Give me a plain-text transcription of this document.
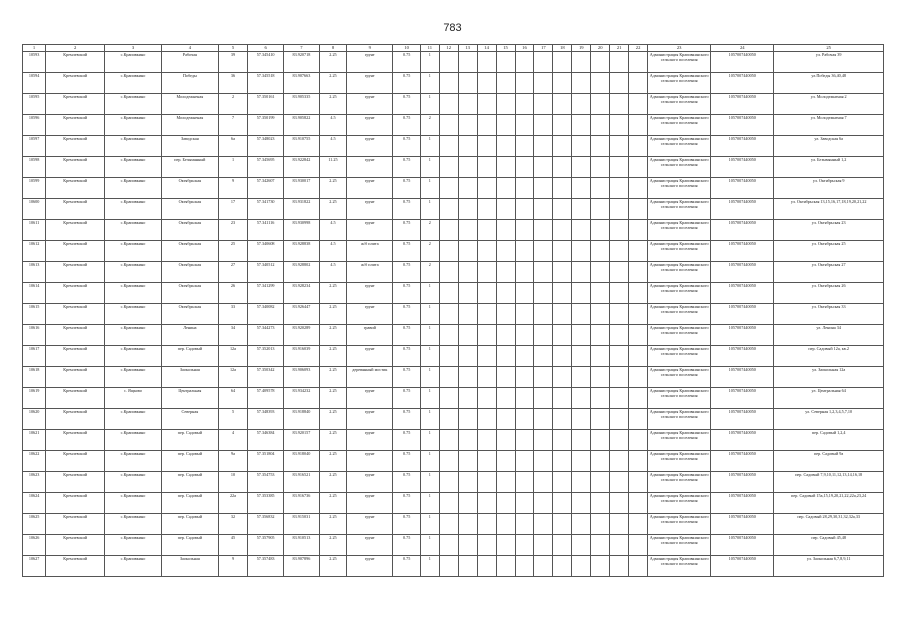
783
1	2	3	4	5	6	7	8	9	10	11	12	13	14	15	16	17	18	19	20	21	22	23	24	25
10593	Кремлевский	с.Крапивкино	Рабочая	39	57.345410	83.920718	2.25	грунт	0.75	1												Администрация Крапивкинского сельского поселения	1057007440050	ул. Рабочая 39
10594	Кремлевский	с.Крапивкино	Победы	36	57.345518	83.907663	2.25	грунт	0.75	1												Администрация Крапивкинского сельского поселения	1057007440050	ул.Победы 36,40,48
10595	Кремлевский	с.Крапивкино	Молодежненая	2	57.350161	83.905335	2.25	грунт	0.75	1												Администрация Крапивкинского сельского поселения	1057007440050	ул. Молодежненая 2
10596	Кремлевский	с.Крапивкино	Молодежненая	7	57.350199	83.905822	4.5	грунт	0.75	2												Администрация Крапивкинского сельского поселения	1057007440050	ул. Молодежненая 7
10597	Кремлевский	с.Крапивкино	Заводская	6а	57.348023	83.910755	4.5	грунт	0.75	1												Администрация Крапивкинского сельского поселения	1057007440050	ул. Заводская 6а
10598	Кремлевский	с.Крапивкино	пер. Безымянный	1	57.345695	83.922842	11.25	грунт	0.75	1												Администрация Крапивкинского сельского поселения	1057007440050	ул. Безымянный 1,2
10599	Кремлевский	с.Крапивкино	Октябрьская	9	57.342607	83.930017	2.25	грунт	0.75	1												Администрация Крапивкинского сельского поселения	1057007440050	ул. Октябрьская 9
10600	Кремлевский	с.Крапивкино	Октябрьская	17	57.341730	83.931822	2.25	грунт	0.75	1												Администрация Крапивкинского сельского поселения	1057007440050	ул. Октябрьская 13,15,16,17,18,19,20,21,22
10611	Кремлевский	с.Крапивкино	Октябрьская	23	57.341116	83.930998	4.5	грунт	0.75	2												Администрация Крапивкинского сельского поселения	1057007440050	ул. Октябрьская 23
10612	Кремлевский	с.Крапивкино	Октябрьская	25	57.340608	83.928838	4.5	ж/б плита	0.75	2												Администрация Крапивкинского сельского поселения	1057007440050	ул. Октябрьская 25
10613	Кремлевский	с.Крапивкино	Октябрьская	27	57.340512	83.928802	4.5	ж/б плита	0.75	2												Администрация Крапивкинского сельского поселения	1057007440050	ул. Октябрьская 27
10614	Кремлевский	с.Крапивкино	Октябрьская	26	57.341299	83.928234	2.25	грунт	0.75	1												Администрация Крапивкинского сельского поселения	1057007440050	ул. Октябрьская 26
10615	Кремлевский	с.Крапивкино	Октябрьская	33	57.340082	83.926447	2.25	грунт	0.75	1												Администрация Крапивкинского сельского поселения	1057007440050	ул. Октябрьская 33
10616	Кремлевский	с.Крапивкино	Ленина	34	57.344273	83.920289	2.25	гравий	0.75	1												Администрация Крапивкинского сельского поселения	1057007440050	ул. Ленина 34
10617	Кремлевский	с.Крапивкино	пер. Садовый	12а	57.352013	83.916039	2.25	грунт	0.75	1												Администрация Крапивкинского сельского поселения	1057007440050	пер. Садовый 12а, кв.2
10618	Кремлевский	с.Крапивкино	Заокольная	12а	57.350342	83.906093	2.25	деревянный мостик	0.75	1												Администрация Крапивкинского сельского поселения	1057007440050	ул. Заокольная 12а
10619	Кремлевский	с. Ящково	Центральная	64	57.409578	83.934232	2.25	грунт	0.75	1												Администрация Крапивкинского сельского поселения	1057007440050	ул. Центральная 64
10620	Кремлевский	с.Крапивкино	Северная	5	57.348393	83.918840	2.25	грунт	0.75	1												Администрация Крапивкинского сельского поселения	1057007440050	ул. Северная 1,2,3,4,5,7,10
10621	Кремлевский	с.Крапивкино	пер. Садовый	4	57.346384	83.920157	2.25	грунт	0.75	1												Администрация Крапивкинского сельского поселения	1057007440050	пер. Садовый 1,2,4
10622	Кремлевский	с.Крапивкино	пер. Садовый	9а	57.351804	83.918040	2.25	грунт	0.75	1												Администрация Крапивкинского сельского поселения	1057007440050	пер. Садовый 9а
10623	Кремлевский	с.Крапивкино	пер. Садовый	10	57.354753	83.916521	2.25	грунт	0.75	1												Администрация Крапивкинского сельского поселения	1057007440050	пер. Садовый 7,9,10,11,12,13,14,16,18
10624	Кремлевский	с.Крапивкино	пер. Садовый	22а	57.353385	83.916736	2.25	грунт	0.75	1												Администрация Крапивкинского сельского поселения	1057007440050	пер. Садовый 15а,15,19,20,21,22,22а,23,24
10625	Кремлевский	с.Крапивкино	пер. Садовый	32	57.356832	83.915031	2.25	грунт	0.75	1												Администрация Крапивкинского сельского поселения	1057007440050	пер. Садовый 28,29,30,31,32,32а,33
10626	Кремлевский	с.Крапивкино	пер. Садовый	45	57.357905	83.910513	2.25	грунт	0.75	1												Администрация Крапивкинского сельского поселения	1057007440050	пер. Садовый 45,48
10627	Кремлевский	с.Крапивкино	Заокольная	9	57.357483	83.907896	2.25	грунт	0.75	1												Администрация Крапивкинского сельского поселения	1057007440050	ул. Заокольная 6,7,8,9,11
